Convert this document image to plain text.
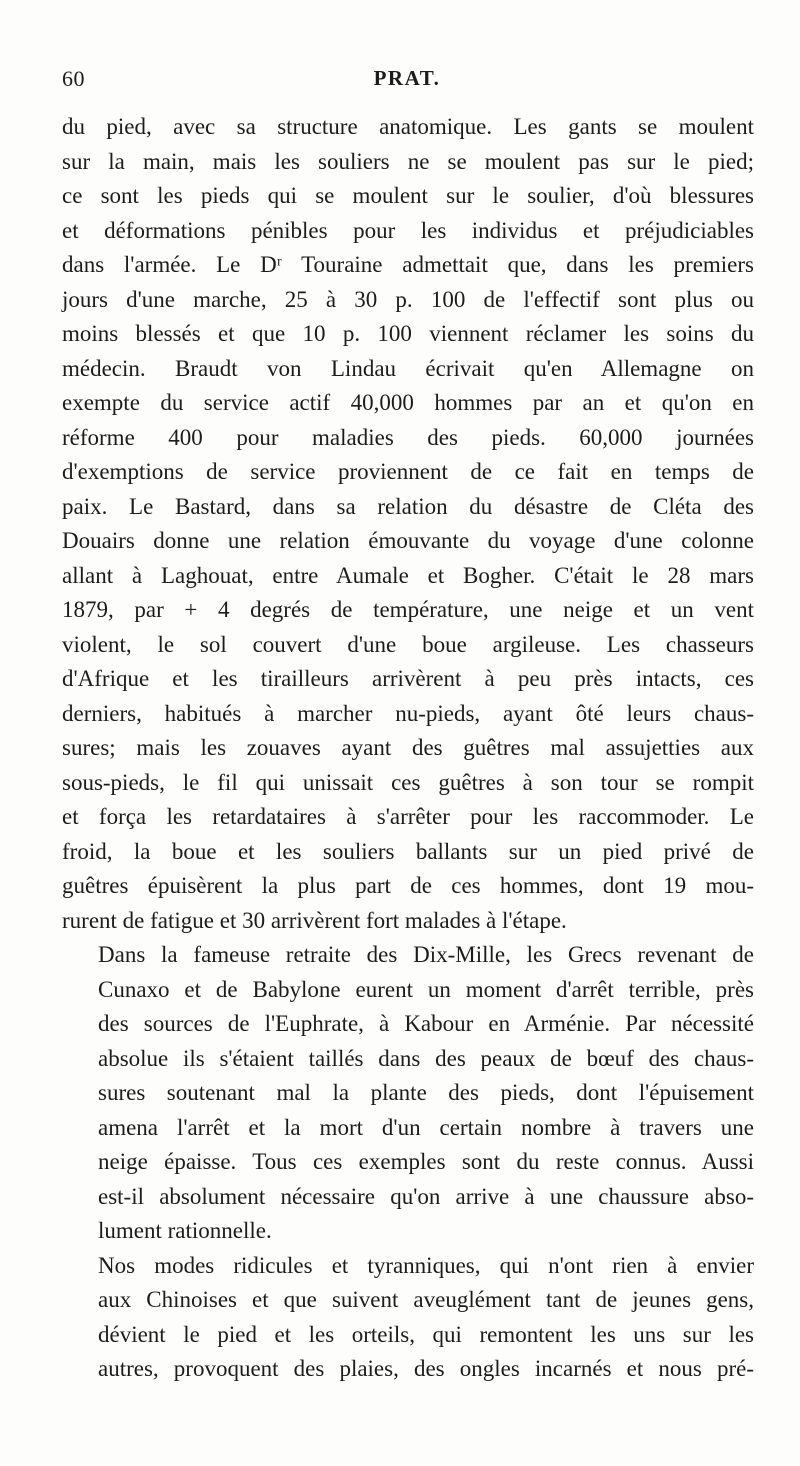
60	PRAT.

du pied, avec sa structure anatomique. Les gants se moulent
sur la main, mais les souliers ne se moulent pas sur le pied;
ce sont les pieds qui se moulent sur le soulier, d'où blessures
et déformations pénibles pour les individus et préjudiciables
dans l'armée. Le Dʳ Touraine admettait que, dans les premiers
jours d'une marche, 25 à 30 p. 100 de l'effectif sont plus ou
moins blessés et que 10 p. 100 viennent réclamer les soins du
médecin. Braudt von Lindau écrivait qu'en Allemagne on
exempte du service actif 40,000 hommes par an et qu'on en
réforme 400 pour maladies des pieds. 60,000 journées
d'exemptions de service proviennent de ce fait en temps de
paix. Le Bastard, dans sa relation du désastre de Cléta des
Douairs donne une relation émouvante du voyage d'une colonne
allant à Laghouat, entre Aumale et Bogher. C'était le 28 mars
1879, par + 4 degrés de température, une neige et un vent
violent, le sol couvert d'une boue argileuse. Les chasseurs
d'Afrique et les tirailleurs arrivèrent à peu près intacts, ces
derniers, habitués à marcher nu-pieds, ayant ôté leurs chaus-
sures; mais les zouaves ayant des guêtres mal assujetties aux
sous-pieds, le fil qui unissait ces guêtres à son tour se rompit
et força les retardataires à s'arrêter pour les raccommoder. Le
froid, la boue et les souliers ballants sur un pied privé de
guêtres épuisèrent la plus part de ces hommes, dont 19 mou-
rurent de fatigue et 30 arrivèrent fort malades à l'étape.

Dans la fameuse retraite des Dix-Mille, les Grecs revenant de
Cunaxo et de Babylone eurent un moment d'arrêt terrible, près
des sources de l'Euphrate, à Kabour en Arménie. Par nécessité
absolue ils s'étaient taillés dans des peaux de bœuf des chaus-
sures soutenant mal la plante des pieds, dont l'épuisement
amena l'arrêt et la mort d'un certain nombre à travers une
neige épaisse. Tous ces exemples sont du reste connus. Aussi
est-il absolument nécessaire qu'on arrive à une chaussure abso-
lument rationnelle.

Nos modes ridicules et tyranniques, qui n'ont rien à envier
aux Chinoises et que suivent aveuglément tant de jeunes gens,
dévient le pied et les orteils, qui remontent les uns sur les
autres, provoquent des plaies, des ongles incarnés et nous pré-
